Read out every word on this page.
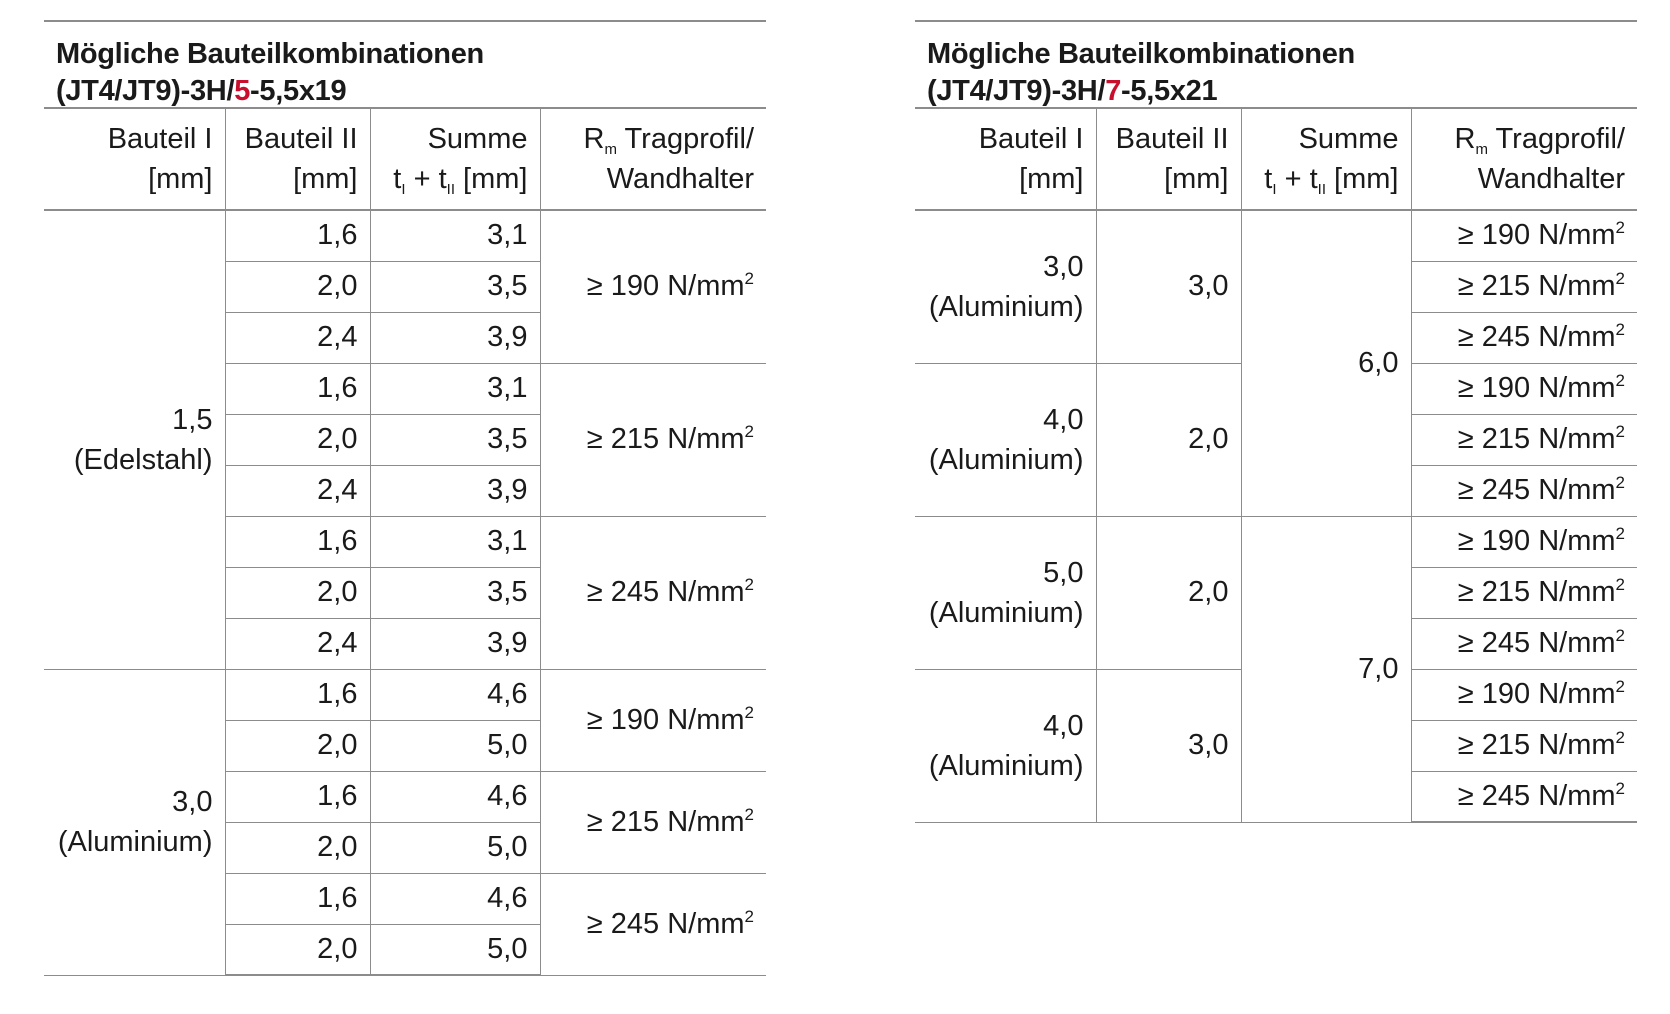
Mögliche Bauteilkombinationen
(JT4/JT9)-3H/5-5,5x19
Bauteil I
[mm]	Bauteil II
[mm]	Summe
$t_I + t_{II}$ [mm]	$R_m$ Tragprofil/
Wandhalter
1,5
(Edelstahl)	1,6	3,1	≥ 190 $N/mm^2$
	2,0	3,5	
	2,4	3,9	
	1,6	3,1	≥ 215 $N/mm^2$
	2,0	3,5	
	2,4	3,9	
	1,6	3,1	≥ 245 $N/mm^2$
	2,0	3,5	
	2,4	3,9	
3,0
(Aluminium)	1,6	4,6	≥ 190 $N/mm^2$
	2,0	5,0	
	1,6	4,6	≥ 215 $N/mm^2$
	2,0	5,0	
	1,6	4,6	≥ 245 $N/mm^2$
	2,0	5,0	
Mögliche Bauteilkombinationen
(JT4/JT9)-3H/7-5,5x21
Bauteil I
[mm]	Bauteil II
[mm]	Summe
$t_I + t_{II}$ [mm]	$R_m$ Tragprofil/
Wandhalter
3,0
(Aluminium)	3,0	6,0	≥ 190 $N/mm^2$
			≥ 215 $N/mm^2$
			≥ 245 $N/mm^2$
4,0
(Aluminium)	2,0		≥ 190 $N/mm^2$
			≥ 215 $N/mm^2$
			≥ 245 $N/mm^2$
5,0
(Aluminium)	2,0	7,0	≥ 190 $N/mm^2$
			≥ 215 $N/mm^2$
			≥ 245 $N/mm^2$
4,0
(Aluminium)	3,0		≥ 190 $N/mm^2$
			≥ 215 $N/mm^2$
			≥ 245 $N/mm^2$
